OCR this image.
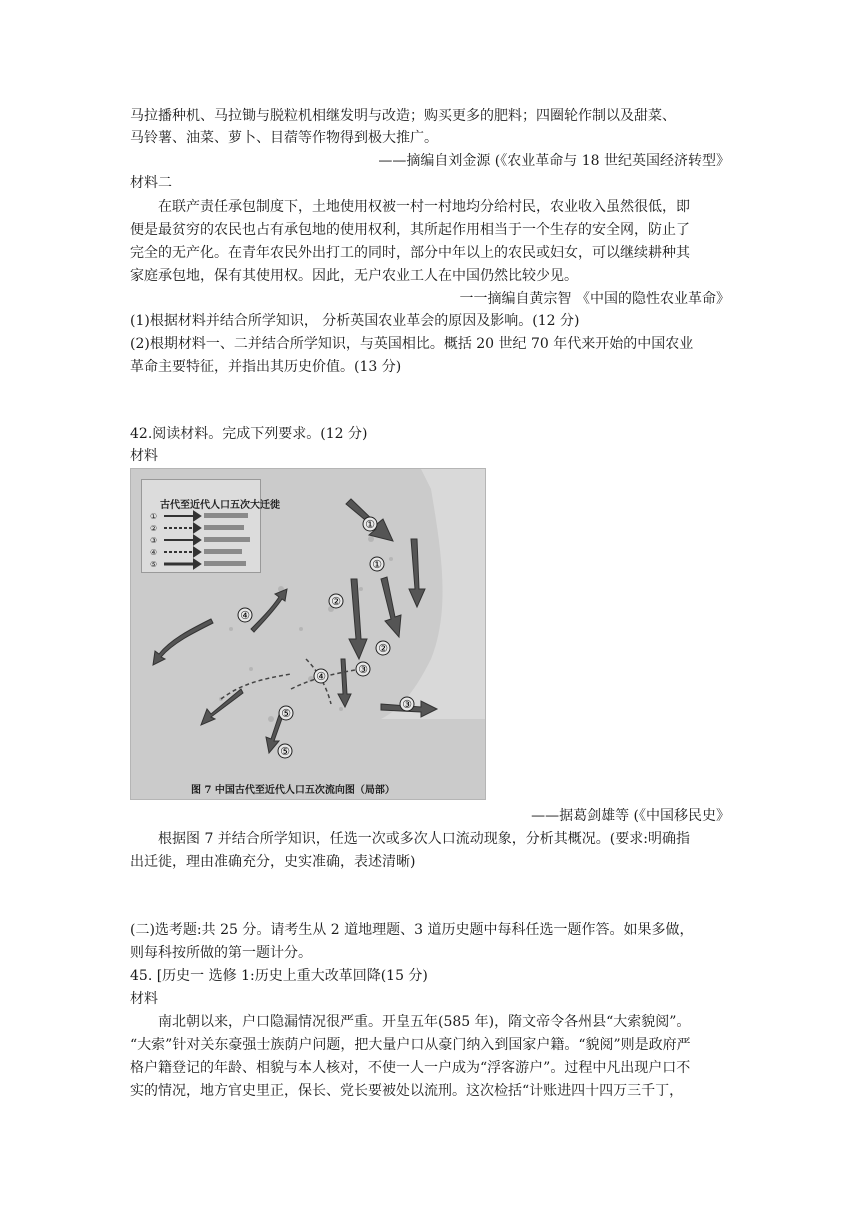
马拉播种机、马拉锄与脱粒机相继发明与改造；购买更多的肥料；四圈轮作制以及甜菜、
马铃薯、油菜、萝卜、目蓿等作物得到极大推广。
——摘编自刘金源 (《农业革命与 18 世纪英国经济转型》
材料二
在联产责任承包制度下，土地使用权被一村一村地均分给村民，农业收入虽然很低，即
便是最贫穷的农民也占有承包地的使用权利，其所起作用相当于一个生存的安全网，防止了
完全的无产化。在青年农民外出打工的同时，部分中年以上的农民或妇女，可以继续耕种其
家庭承包地，保有其使用权。因此，无户农业工人在中国仍然比较少见。
一一摘编自黄宗智 《中国的隐性农业革命》
(1)根据材料并结合所学知识， 分析英国农业革会的原因及影响。(12 分)
(2)根期材料一、二并结合所学知识，与英国相比。概括 20 世纪 70 年代来开始的中国农业
革命主要特征，并指出其历史价值。(13 分)
42.阅读材料。完成下列要求。(12 分)
材料
——据葛剑雄等 (《中国移民史》
根据图 7 并结合所学知识，任选一次或多次人口流动现象，分析其概况。(要求:明确指
出迁徙，理由准确充分，史实准确，表述清晰)
(二)选考题:共 25 分。请考生从 2 道地理题、3 道历史题中每科任选一题作答。如果多做，
则每科按所做的第一题计分。
45. [历史一 选修 1:历史上重大改革回降(15 分)
材料
南北朝以来，户口隐漏情况很严重。开皇五年(585 年)，隋文帝令各州县“大索貌阅”。
“大索”针对关东豪强士族荫户问题，把大量户口从豪门纳入到国家户籍。“貌阅”则是政府严
格户籍登记的年龄、相貌与本人核对，不使一人一户成为“浮客游户”。过程中凡出现户口不
实的情况，地方官史里正，保长、党长要被处以流刑。这次检括“计账进四十四万三千丁，
①
①
②
②
③
③
④
④
⑤
⑤
①
②
③
④
⑤
古代至近代人口五次大迁徙
图 7 中国古代至近代人口五次流向图（局部）
